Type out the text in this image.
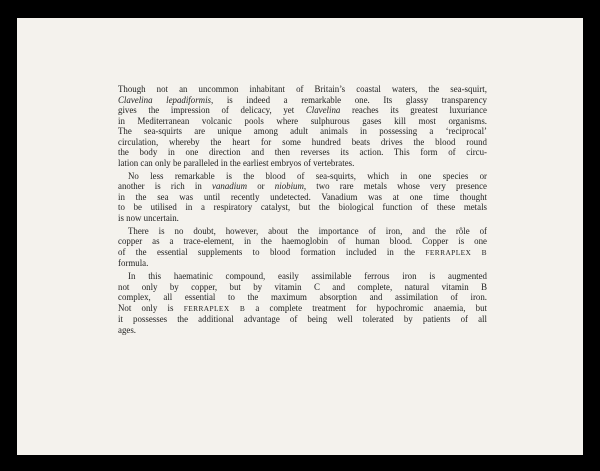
Though not an uncommon inhabitant of Britain’s coastal waters, the sea-squirt,
Clavelina lepadiformis, is indeed a remarkable one. Its glassy transparency
gives the impression of delicacy, yet Clavelina reaches its greatest luxuriance
in Mediterranean volcanic pools where sulphurous gases kill most organisms.
The sea-squirts are unique among adult animals in possessing a ‘reciprocal’
circulation, whereby the heart for some hundred beats drives the blood round
the body in one direction and then reverses its action. This form of circu-
lation can only be paralleled in the earliest embryos of vertebrates.

No less remarkable is the blood of sea-squirts, which in one species or
another is rich in vanadium or niobium, two rare metals whose very presence
in the sea was until recently undetected. Vanadium was at one time thought
to be utilised in a respiratory catalyst, but the biological function of these metals
is now uncertain.

There is no doubt, however, about the importance of iron, and the rôle of
copper as a trace-element, in the haemoglobin of human blood. Copper is one
of the essential supplements to blood formation included in the FERRAPLEX B
formula.

In this haematinic compound, easily assimilable ferrous iron is augmented
not only by copper, but by vitamin C and complete, natural vitamin B
complex, all essential to the maximum absorption and assimilation of iron.
Not only is FERRAPLEX B a complete treatment for hypochromic anaemia, but
it possesses the additional advantage of being well tolerated by patients of all
ages.
